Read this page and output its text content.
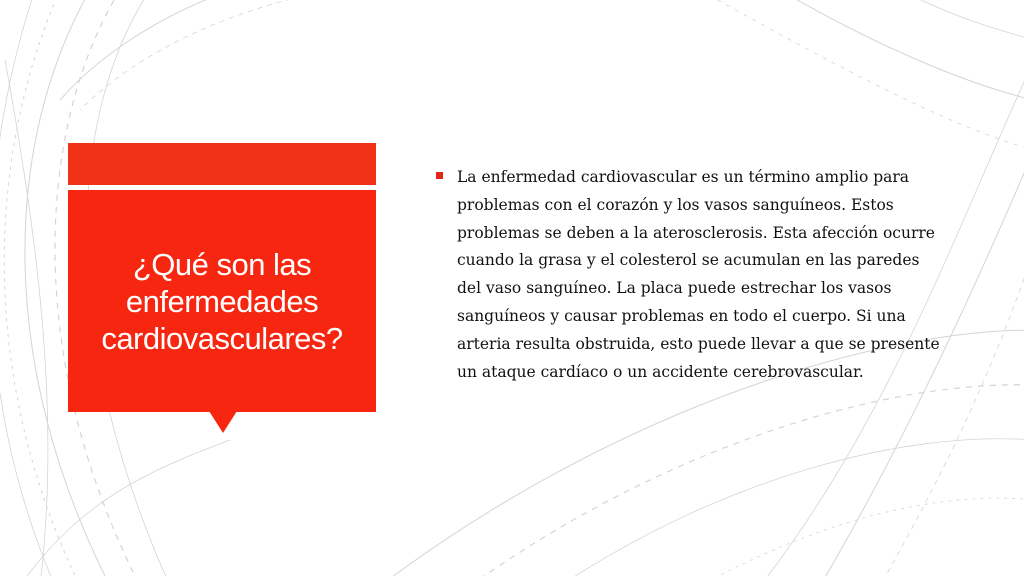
¿Qué son las enfermedades cardiovasculares?

La enfermedad cardiovascular es un término amplio para problemas con el corazón y los vasos sanguíneos. Estos problemas se deben a la aterosclerosis. Esta afección ocurre cuando la grasa y el colesterol se acumulan en las paredes del vaso sanguíneo. La placa puede estrechar los vasos sanguíneos y causar problemas en todo el cuerpo. Si una arteria resulta obstruida, esto puede llevar a que se presente un ataque cardíaco o un accidente cerebrovascular.
